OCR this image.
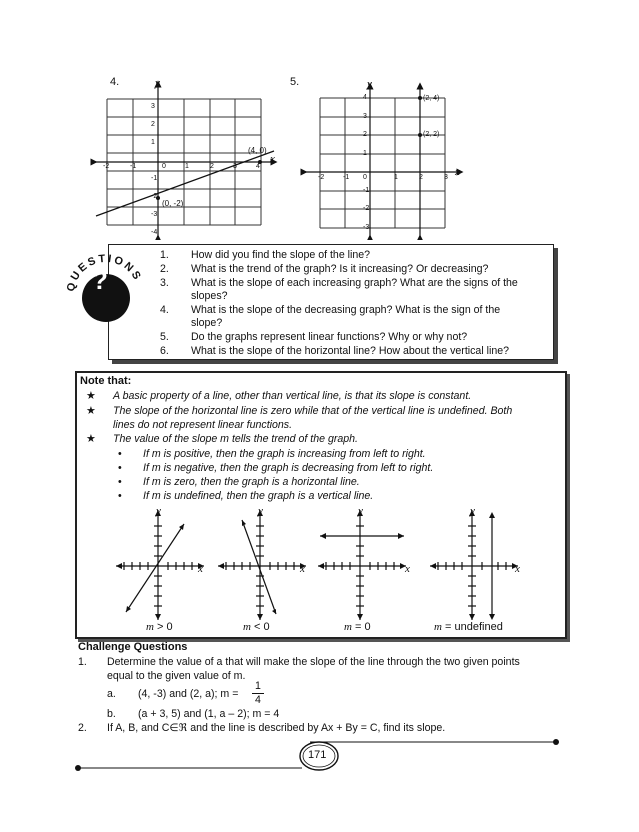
4.	y
x
(4, 0)
(0, -2)
-2	-1	0	1	2	3	4
3
2
1
-1
-2
-3
-4
5.	y
x
(2, 4)
(2, 2)
-2	-1 0	1	2	3
4
3
2
1
-1
-2
-3
QUESTIONS
?
1.	How did you find the slope of the line?
2.	What is the trend of the graph? Is it increasing? Or decreasing?
3.	What is the slope of each increasing graph? What are the signs of the
slopes?
4.	What is the slope of the decreasing graph? What is the sign of the
slope?
5.	Do the graphs represent linear functions? Why or why not?
6.	What is the slope of the horizontal line? How about the vertical line?
Note that:
★ A basic property of a line, other than vertical line, is that its slope is constant.
★ The slope of the horizontal line is zero while that of the vertical line is undefined. Both
lines do not represent linear functions.
★ The value of the slope m tells the trend of the graph.
• If m is positive, then the graph is increasing from left to right.
• If m is negative, then the graph is decreasing from left to right.
• If m is zero, then the graph is a horizontal line.
• If m is undefined, then the graph is a vertical line.
y
x
y
x
y
x
y
x
m > 0	m < 0	m = 0	m = undefined
Challenge Questions
1. Determine the value of a that will make the slope of the line through the two given points
equal to the given value of m.
a. (4, -3) and (2, a); m =
1
4
b. (a + 3, 5) and (1, a – 2); m = 4
2. If A, B, and C∈ℜ and the line is described by Ax + By = C, find its slope.
171
